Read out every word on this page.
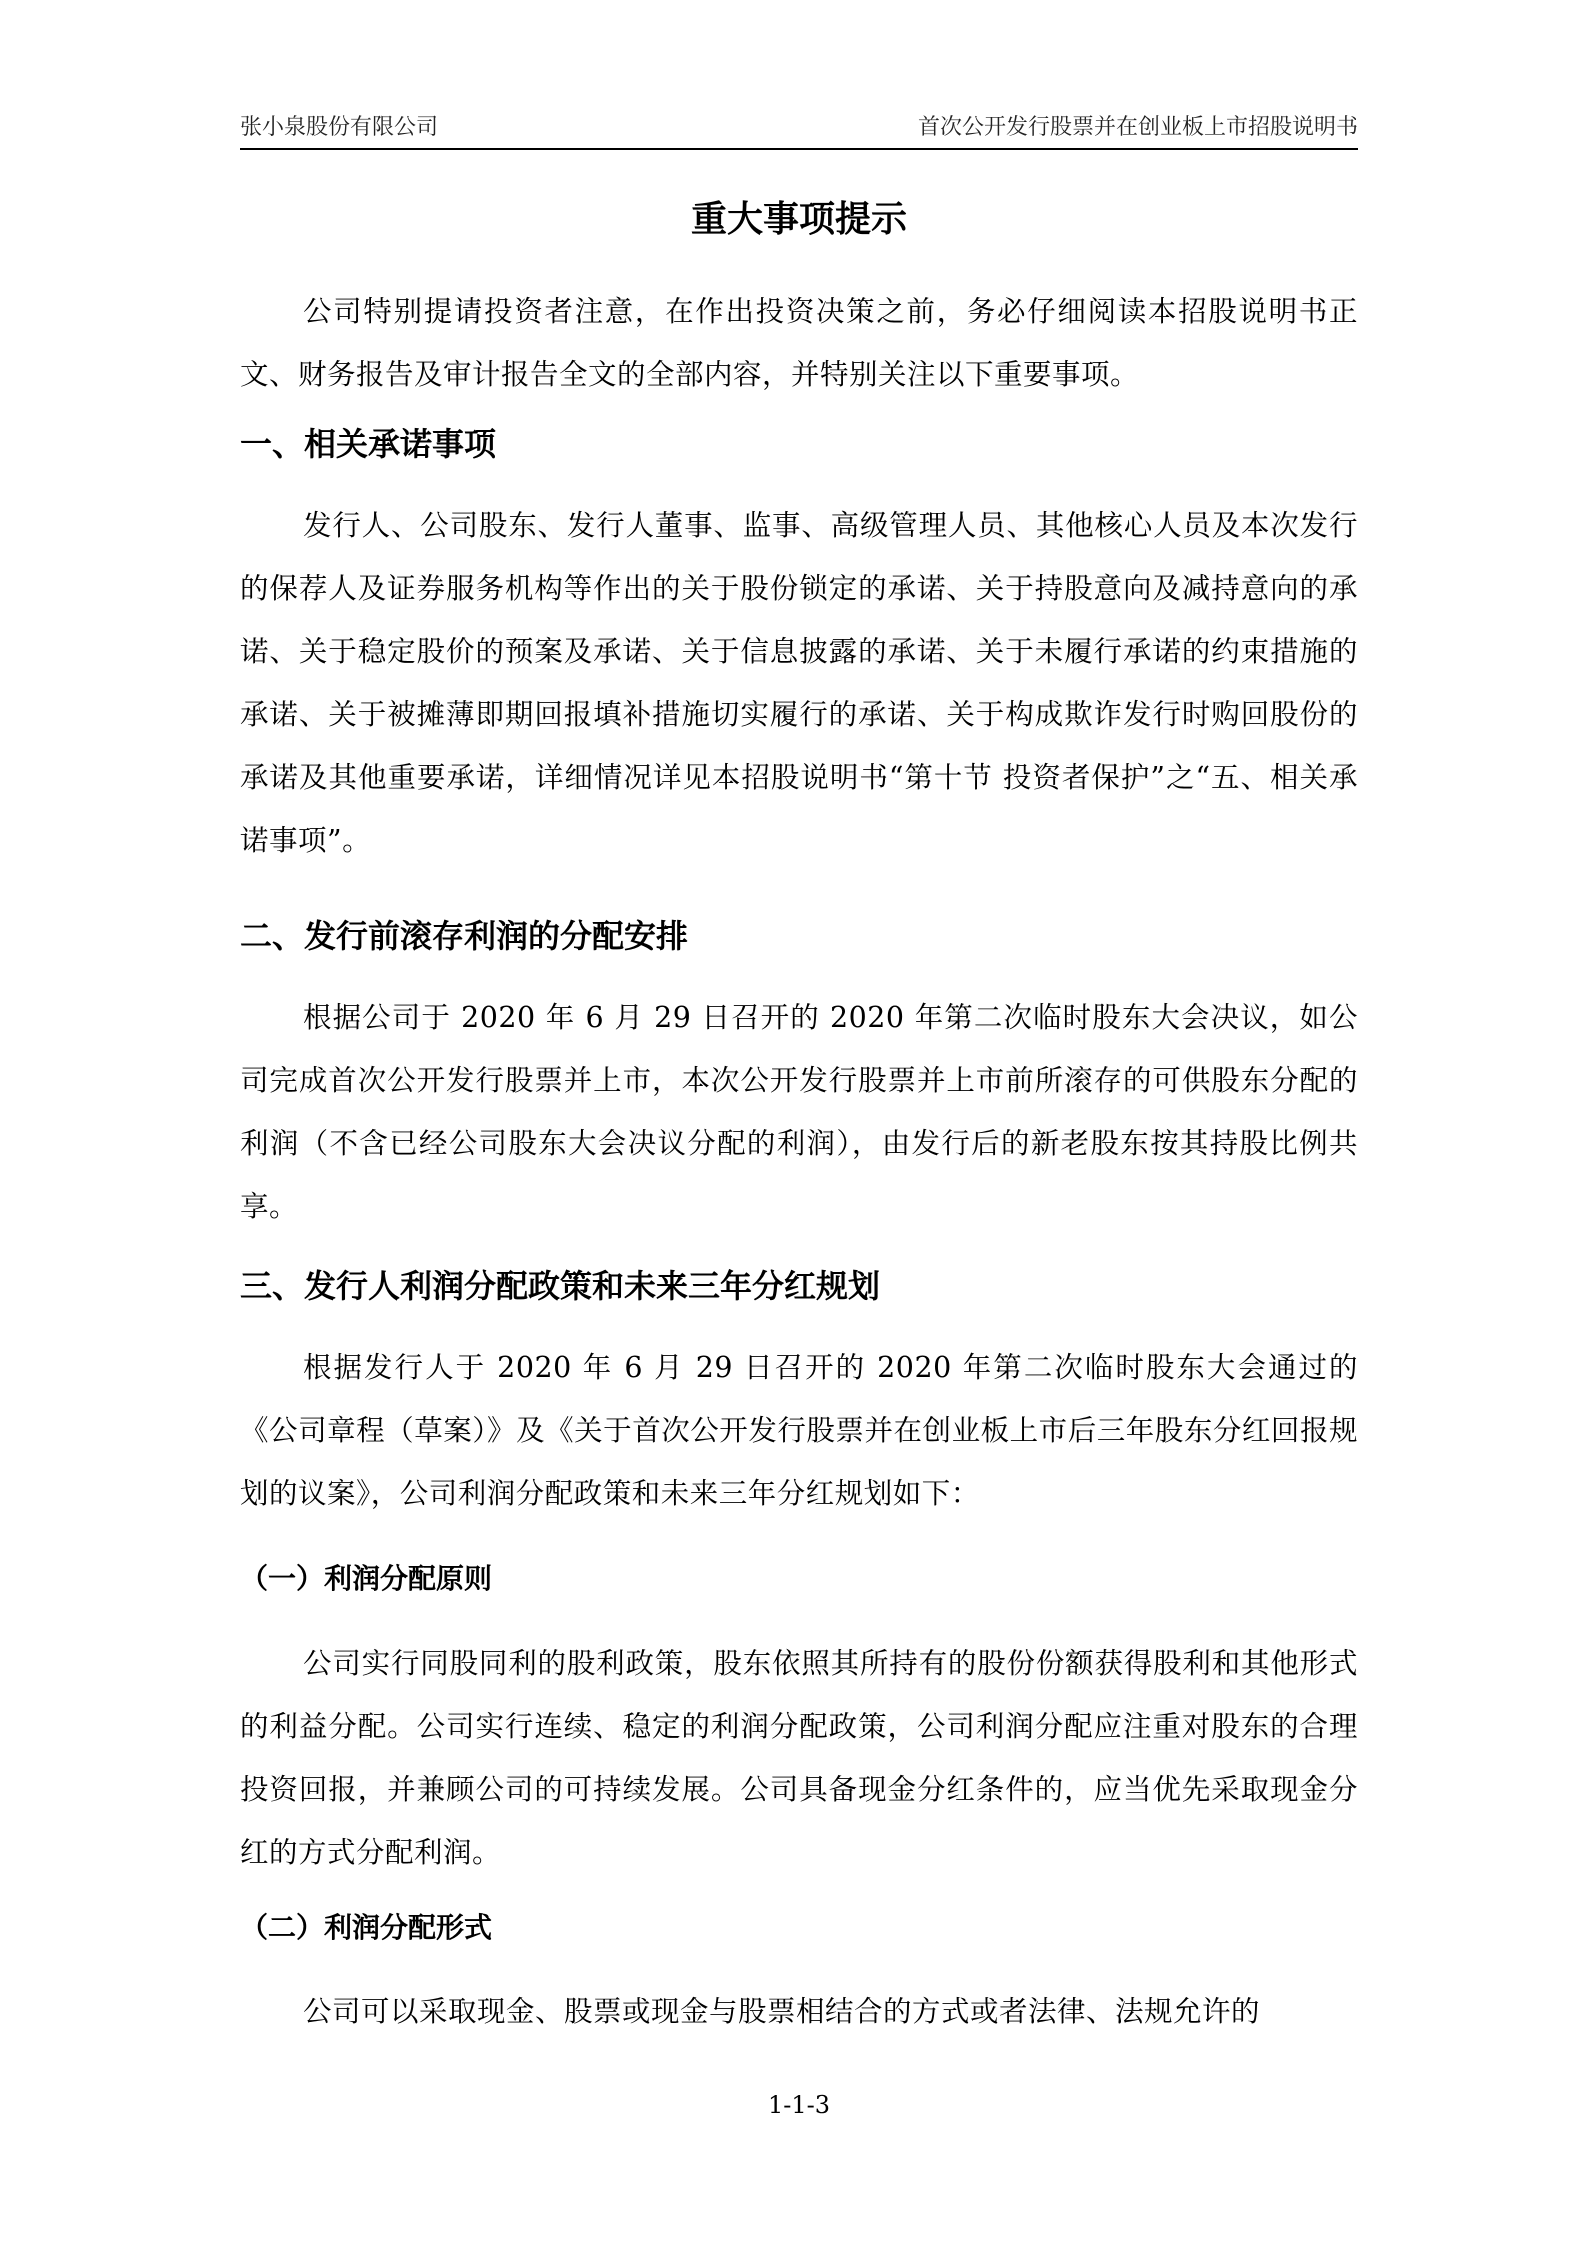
张小泉股份有限公司	首次公开发行股票并在创业板上市招股说明书
重大事项提示

公司特别提请投资者注意，在作出投资决策之前，务必仔细阅读本招股说明书正文、财务报告及审计报告全文的全部内容，并特别关注以下重要事项。

一、相关承诺事项

发行人、公司股东、发行人董事、监事、高级管理人员、其他核心人员及本次发行的保荐人及证券服务机构等作出的关于股份锁定的承诺、关于持股意向及减持意向的承诺、关于稳定股价的预案及承诺、关于信息披露的承诺、关于未履行承诺的约束措施的承诺、关于被摊薄即期回报填补措施切实履行的承诺、关于构成欺诈发行时购回股份的承诺及其他重要承诺，详细情况详见本招股说明书“第十节 投资者保护”之“五、相关承诺事项”。

二、发行前滚存利润的分配安排

根据公司于 2020 年 6 月 29 日召开的 2020 年第二次临时股东大会决议，如公司完成首次公开发行股票并上市，本次公开发行股票并上市前所滚存的可供股东分配的利润（不含已经公司股东大会决议分配的利润），由发行后的新老股东按其持股比例共享。

三、发行人利润分配政策和未来三年分红规划

根据发行人于 2020 年 6 月 29 日召开的 2020 年第二次临时股东大会通过的《公司章程（草案）》及《关于首次公开发行股票并在创业板上市后三年股东分红回报规划的议案》，公司利润分配政策和未来三年分红规划如下：

（一）利润分配原则

公司实行同股同利的股利政策，股东依照其所持有的股份份额获得股利和其他形式的利益分配。公司实行连续、稳定的利润分配政策，公司利润分配应注重对股东的合理投资回报，并兼顾公司的可持续发展。公司具备现金分红条件的，应当优先采取现金分红的方式分配利润。

（二）利润分配形式

公司可以采取现金、股票或现金与股票相结合的方式或者法律、法规允许的

1-1-3
